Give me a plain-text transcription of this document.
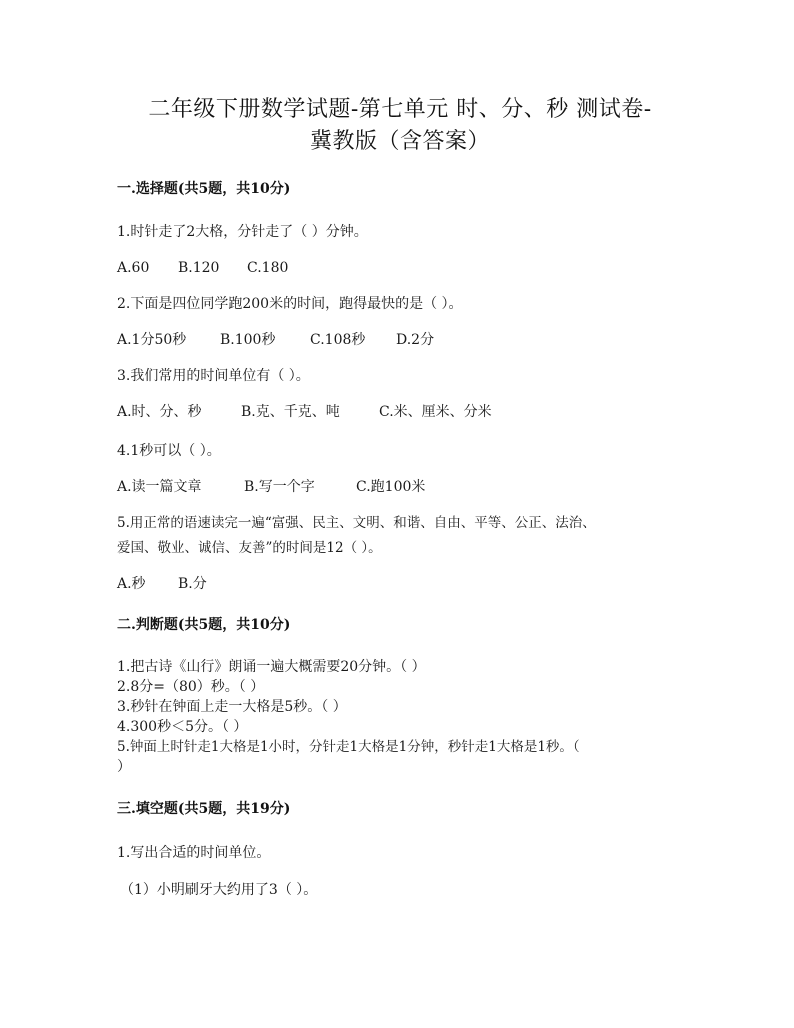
二年级下册数学试题-第七单元 时、分、秒 测试卷-
冀教版（含答案）
一.选择题(共5题，共10分)
1.时针走了2大格，分针走了（ ）分钟。
A.60 B.120 C.180
2.下面是四位同学跑200米的时间，跑得最快的是（ ）。
A.1分50秒 B.100秒 C.108秒 D.2分
3.我们常用的时间单位有（ ）。
A.时、分、秒	B.克、千克、吨	C.米、厘米、分米
4.1秒可以（ ）。
A.读一篇文章	B.写一个字	C.跑100米
5.用正常的语速读完一遍“富强、民主、文明、和谐、自由、平等、公正、法治、
爱国、敬业、诚信、友善”的时间是12（ ）。
A.秒 B.分
二.判断题(共5题，共10分)
1.把古诗《山行》朗诵一遍大概需要20分钟。（ ）
2.8分=（80）秒。（ ）
3.秒针在钟面上走一大格是5秒。（ ）
4.300秒＜5分。（ ）
5.钟面上时针走1大格是1小时，分针走1大格是1分钟，秒针走1大格是1秒。（
）
三.填空题(共5题，共19分)
1.写出合适的时间单位。
（1）小明刷牙大约用了3（ ）。
